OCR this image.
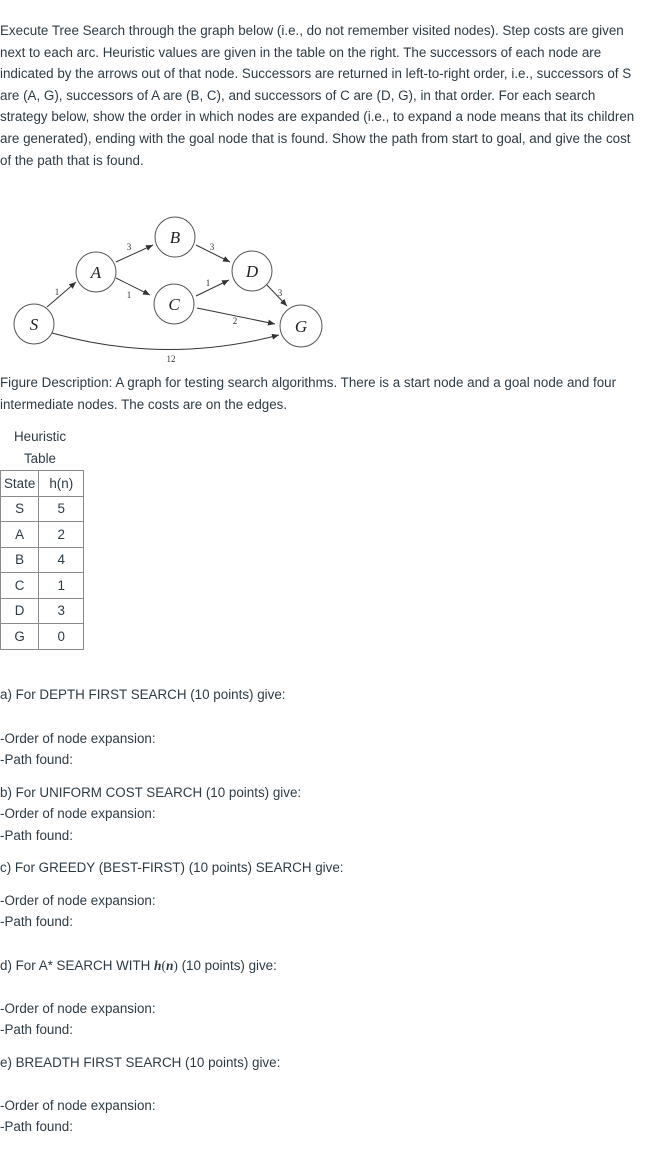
Execute Tree Search through the graph below (i.e., do not remember visited nodes). Step costs are given next to each arc. Heuristic values are given in the table on the right. The successors of each node are indicated by the arrows out of that node. Successors are returned in left-to-right order, i.e., successors of S are (A, G), successors of A are (B, C), and successors of C are (D, G), in that order. For each search strategy below, show the order in which nodes are expanded (i.e., to expand a node means that its children are generated), ending with the goal node that is found. Show the path from start to goal, and give the cost of the path that is found.

1
3
1
3
1
2
3
12
S
A
B
C
D
G

Figure Description: A graph for testing search algorithms. There is a start node and a goal node and four intermediate nodes. The costs are on the edges.

Heuristic
Table
State	h(n)
S	5
A	2
B	4
C	1
D	3
G	0
a) For DEPTH FIRST SEARCH (10 points) give:
-Order of node expansion:
-Path found:
b) For UNIFORM COST SEARCH (10 points) give:
-Order of node expansion:
-Path found:
c) For GREEDY (BEST-FIRST) (10 points) SEARCH give:
-Order of node expansion:
-Path found:
d) For A* SEARCH WITH h(n) (10 points) give:
-Order of node expansion:
-Path found:
e) BREADTH FIRST SEARCH (10 points) give:
-Order of node expansion:
-Path found:
